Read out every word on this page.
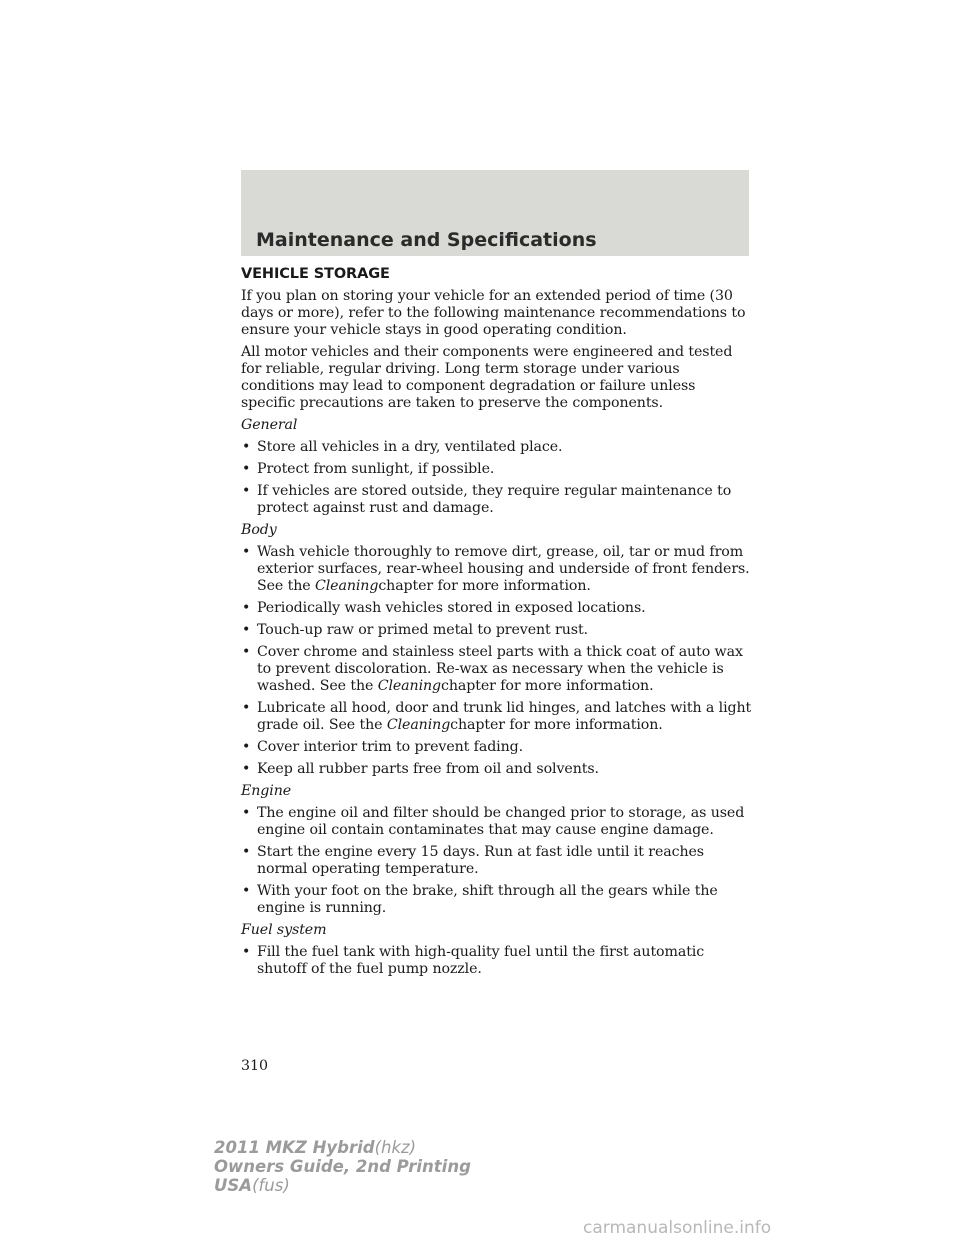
Maintenance and Specifications
VEHICLE STORAGE

If you plan on storing your vehicle for an extended period of time (30 days or more), refer to the following maintenance recommendations to ensure your vehicle stays in good operating condition.

All motor vehicles and their components were engineered and tested for reliable, regular driving. Long term storage under various conditions may lead to component degradation or failure unless specific precautions are taken to preserve the components.

General
• Store all vehicles in a dry, ventilated place.
• Protect from sunlight, if possible.
• If vehicles are stored outside, they require regular maintenance to protect against rust and damage.
Body
• Wash vehicle thoroughly to remove dirt, grease, oil, tar or mud from exterior surfaces, rear-wheel housing and underside of front fenders. See the Cleaningchapter for more information.
• Periodically wash vehicles stored in exposed locations.
• Touch-up raw or primed metal to prevent rust.
• Cover chrome and stainless steel parts with a thick coat of auto wax to prevent discoloration. Re-wax as necessary when the vehicle is washed. See the Cleaningchapter for more information.
• Lubricate all hood, door and trunk lid hinges, and latches with a light grade oil. See the Cleaningchapter for more information.
• Cover interior trim to prevent fading.
• Keep all rubber parts free from oil and solvents.
Engine
• The engine oil and filter should be changed prior to storage, as used engine oil contain contaminates that may cause engine damage.
• Start the engine every 15 days. Run at fast idle until it reaches normal operating temperature.
• With your foot on the brake, shift through all the gears while the engine is running.
Fuel system
• Fill the fuel tank with high-quality fuel until the first automatic shutoff of the fuel pump nozzle.
310
2011 MKZ Hybrid(hkz)
Owners Guide, 2nd Printing
USA(fus)
carmanualsonline.info
